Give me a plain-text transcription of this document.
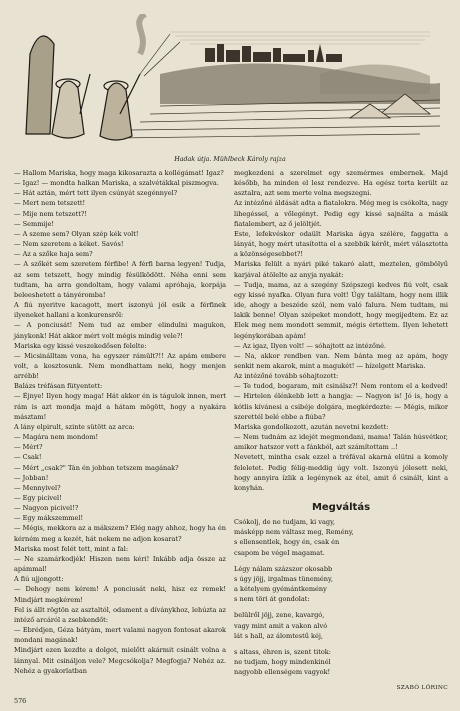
Hadak útja. Mühlbeck Károly rajza

— Hallom Mariska, hogy maga kikosarazta a kollégámat! Igaz?

— Igaz! — mondta halkan Mariska, a szalvétákkal piszmogva.

— Hát aztán, mért tett ilyen csúnyát szegénnyel?

— Mert nem tetszett!

— Mije nem tetszett?!

— Semmije!

— A szeme sem? Olyan szép kék volt!

— Nem szeretem a kéket. Savós!

— Az a szőke haja sem?

— A szőkét sem szeretem férfibe! A férfi barna legyen! Tudja, az sem tetszett, hogy mindig fésülködött. Néha enni sem tudtam, ha arra gondoltam, hogy valami apróhaja, korpája beleeshetett a tányéromba!

A fiú nyeritve kacagott, mert iszonyú jól esik a férfinek ilyeneket hallani a konkurensről:

— A ponciusát! Nem tud az ember elindulni magukon, jánykonk! Hát akkor mért volt mégis mindig vele?!

Mariska egy kissé veszekedősen felelte:

— Micsinálltam vona, ha egyszer rámült?!! Az apám embere volt, a kosztosunk. Nem mondhattam neki, hogy menjen arrébb!

Balázs tréfásan fütyentett:

— Éjnye! Ilyen hogy maga! Hát akkor én is tágulok innen, mert rám is azt mondja majd a hátam mögött, hogy a nyakára másztam!

A lány elpirult, szinte sütött az arca:

— Magára nem mondom!

— Mért?

— Csak!

— Mért „csak?" Tán én jobban tetszem magának?

— Jobban!

— Mennyivel?

— Egy picivel!

— Nagyon picivel!?

— Egy mákszemmel!

— Mégis, mekkora az a mákszem? Elég nagy ahhoz, hogy ha én kérném meg a kezét, hát nekem ne adjon kosarat?

Mariska most felét tett, mint a fal:

— Ne szamárkodjék! Hiszen nem kéri! Inkább adja össze az apámmal!

A fiú ujjongott:

— Dehogy nem kérem! A ponciusát neki, hisz ez remek! Mindjárt megkérem!

Fel is állt rögtön az asztaltól, odament a díványkhoz, lehúzta az intéző arcáról a zsebkendőt:

— Ebrédjen, Géza bátyám, mert valami nagyon fontosat akarok mondani magának!

Mindjárt ezen kezdte a dolgot, mielőtt akármit csinált volna a lánnyal. Mit csináljon vele? Megcsókolja? Megfogja? Nehéz az. Nehéz a gyakorlatban

megkezdeni a szerelmet egy szemérmes embernek. Majd később, ha minden el lesz rendezve. Ha egész torta került az asztalra, azt sem merte volna megszegni.

Az intézőné áldását adta a fiatalokra. Még meg is csókolta, nagy lihegéssel, a vőlegényt. Pedig egy kissé sajnálta a másik fiatalembert, az ő jelöltjét.

Este, lefekvéskor odaült Mariska ágya szélére, faggatta a lányát, hogy mért utasította el a szebbik kérőt, mért választotta a közönségesebbet?!

Mariska felült a nyári piké takaró alatt, meztelen, gömbölyű karjával átölelte az anyja nyakát:

— Tudja, mama, az a szegény Szépszegi kedves fiú volt, csak egy kissé nyafka. Olyan fura volt! Úgy találtam, hogy nem illik ide, ahogy a beszéde szól, nem való falura. Nem tudtam, mi lakik benne! Olyan szépeket mondott, hogy megijedtem. Ez az Elek meg nem mondott semmit, mégis értettem. Ilyen lehetett legénykorában apám!

— Az igaz, Ilyen volt! — sóhajtott az intézőné.

— Na, akkor rendben van. Nem bánta meg az apám, hogy senkit nem akarok, mint a magukét! — hízelgett Mariska.

Az intézőné tovább sóhajtozott:

— Te tudod, bogaram, mit csinálsz?! Nem rontom el a kedved! — Hirtelen élénkebb lett a hangja: — Nagyon is! Jó is, hogy a kótlis kívánesi a csibéje dolgára, megkérdezte: — Mégis, mikor szerettél belé ebbe a fiúba?

Mariska gondolkozott, azután nevetni kezdett:

— Nem tudnám az idejét megmondani, mama! Talán húsvétkor, amikor hatszor vett a fánkból, azt számítottam ..!

Nevetett, mintha csak ezzel a tréfával akarná elütni a komoly feleletet. Pedig félig-meddig úgy volt. Iszonyú jólesett neki, hogy annyira ízlik a legénynek az étel, amit ő csinált, kint a konyhán.

Megváltás

Csókolj, de ne tudjam, ki vagy,

másképp nem váltasz meg, Remény,

s ellensentlek, hogy én, csak én

csapom be végeI magamat.

Légy nálam százszor okosabb

s úgy jöjj, irgalmas tünemény,

a kételyem gyémántkemény

s nem töri át gondolat:

belülről jöjj, zene, kavargó,

vagy mint amit a vakon alvó

lát s hall, az álomtestű kéj,

s altass, éhren is, szent titok:

ne tudjam, hogy mindenkinél

nagyobb ellenségem vagyok!

SZABÓ LŐRINC
576
